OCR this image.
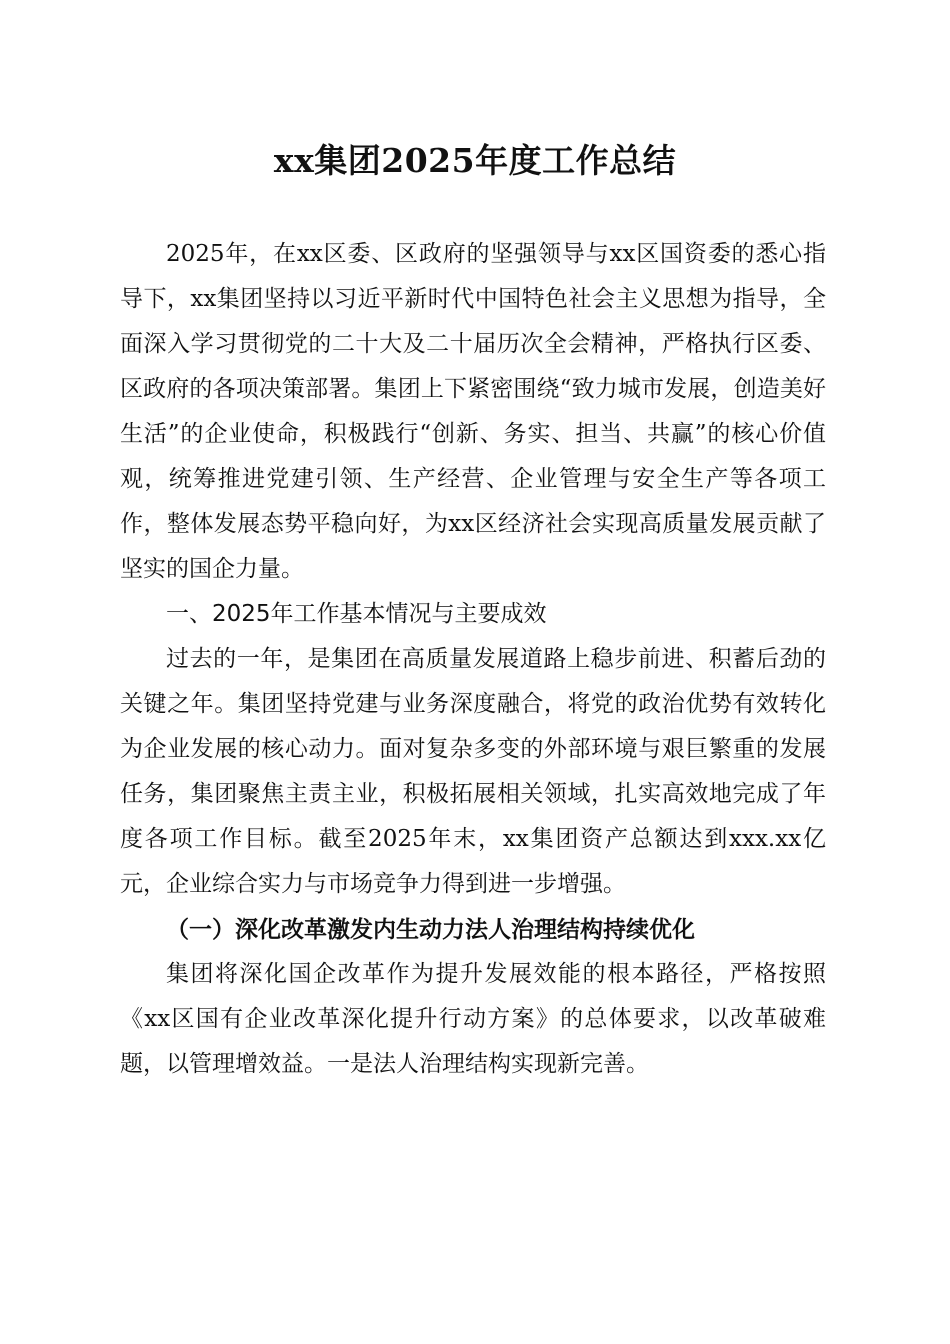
xx集团2025年度工作总结

2025年，在xx区委、区政府的坚强领导与xx区国资委的悉心指导下，xx集团坚持以习近平新时代中国特色社会主义思想为指导，全面深入学习贯彻党的二十大及二十届历次全会精神，严格执行区委、区政府的各项决策部署。集团上下紧密围绕“致力城市发展，创造美好生活”的企业使命，积极践行“创新、务实、担当、共赢”的核心价值观，统筹推进党建引领、生产经营、企业管理与安全生产等各项工作，整体发展态势平稳向好，为xx区经济社会实现高质量发展贡献了坚实的国企力量。

一、2025年工作基本情况与主要成效

过去的一年，是集团在高质量发展道路上稳步前进、积蓄后劲的关键之年。集团坚持党建与业务深度融合，将党的政治优势有效转化为企业发展的核心动力。面对复杂多变的外部环境与艰巨繁重的发展任务，集团聚焦主责主业，积极拓展相关领域，扎实高效地完成了年度各项工作目标。截至2025年末，xx集团资产总额达到xxx.xx亿元，企业综合实力与市场竞争力得到进一步增强。

（一）深化改革激发内生动力法人治理结构持续优化

集团将深化国企改革作为提升发展效能的根本路径，严格按照《xx区国有企业改革深化提升行动方案》的总体要求，以改革破难题，以管理增效益。一是法人治理结构实现新完善。
